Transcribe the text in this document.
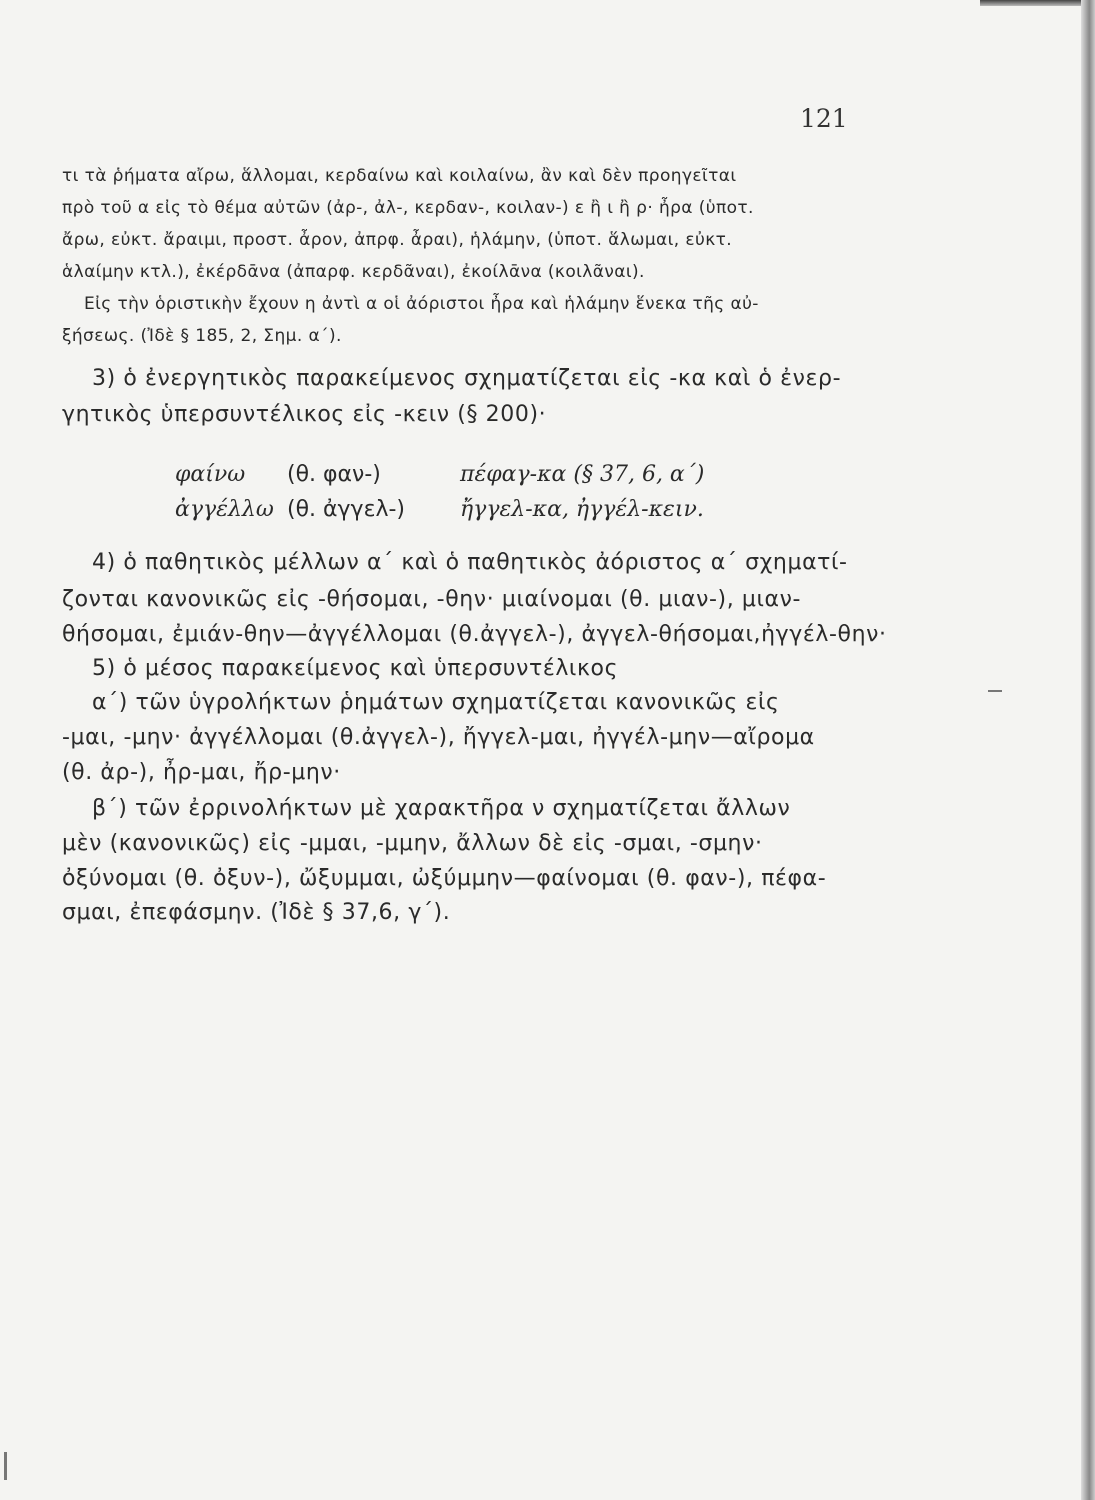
121
τι τὰ ῥήματα αἴρω, ἅλλομαι, κερδαίνω καὶ κοιλαίνω, ἂν καὶ δὲν προηγεῖται
πρὸ τοῦ α εἰς τὸ θέμα αὐτῶν (ἀρ-, ἀλ-, κερδαν-, κοιλαν-) ε ἢ ι ἢ ρ· ἦρα (ὑποτ.
ἄρω, εὐκτ. ἄραιμι, προστ. ἆρον, ἀπρφ. ἆραι), ἡλάμην, (ὑποτ. ἅλωμαι, εὐκτ.
ἁλαίμην κτλ.), ἐκέρδᾱνα (ἀπαρφ. κερδᾶναι), ἐκοίλᾱνα (κοιλᾶναι).
Εἰς τὴν ὁριστικὴν ἔχουν η ἀντὶ α οἱ ἀόριστοι ἦρα καὶ ἡλάμην ἕνεκα τῆς αὐ-
ξήσεως. (Ἰδὲ § 185, 2, Σημ. α΄).
3) ὁ ἐνεργητικὸς παρακείμενος σχηματίζεται εἰς -κα καὶ ὁ ἐνερ-
γητικὸς ὑπερσυντέλικος εἰς -κειν (§ 200)·
φαίνω (θ. φαν-)	πέφαγ-κα (§ 37, 6, α΄)
ἀγγέλλω (θ. ἀγγελ-) ἤγγελ-κα, ἠγγέλ-κειν.
4) ὁ παθητικὸς μέλλων α΄ καὶ ὁ παθητικὸς ἀόριστος α΄ σχηματί-
ζονται κανονικῶς εἰς -θήσομαι, -θην· μιαίνομαι (θ. μιαν-), μιαν-
θήσομαι, ἐμιάν-θην—ἀγγέλλομαι (θ.ἀγγελ-), ἀγγελ-θήσομαι,ἠγγέλ-θην·
5) ὁ μέσος παρακείμενος καὶ ὑπερσυντέλικος
α΄) τῶν ὑγρολήκτων ῥημάτων σχηματίζεται κανονικῶς εἰς
-μαι, -μην· ἀγγέλλομαι (θ.ἀγγελ-), ἤγγελ-μαι, ἠγγέλ-μην—αἴρομα
(θ. ἀρ-), ἦρ-μαι, ἤρ-μην·
β΄) τῶν ἐρρινολήκτων μὲ χαρακτῆρα ν σχηματίζεται ἄλλων
μὲν (κανονικῶς) εἰς -μμαι, -μμην, ἄλλων δὲ εἰς -σμαι, -σμην·
ὀξύνομαι (θ. ὀξυν-), ὤξυμμαι, ὠξύμμην—φαίνομαι (θ. φαν-), πέφα-
σμαι, ἐπεφάσμην. (Ἰδὲ § 37,6, γ΄).
